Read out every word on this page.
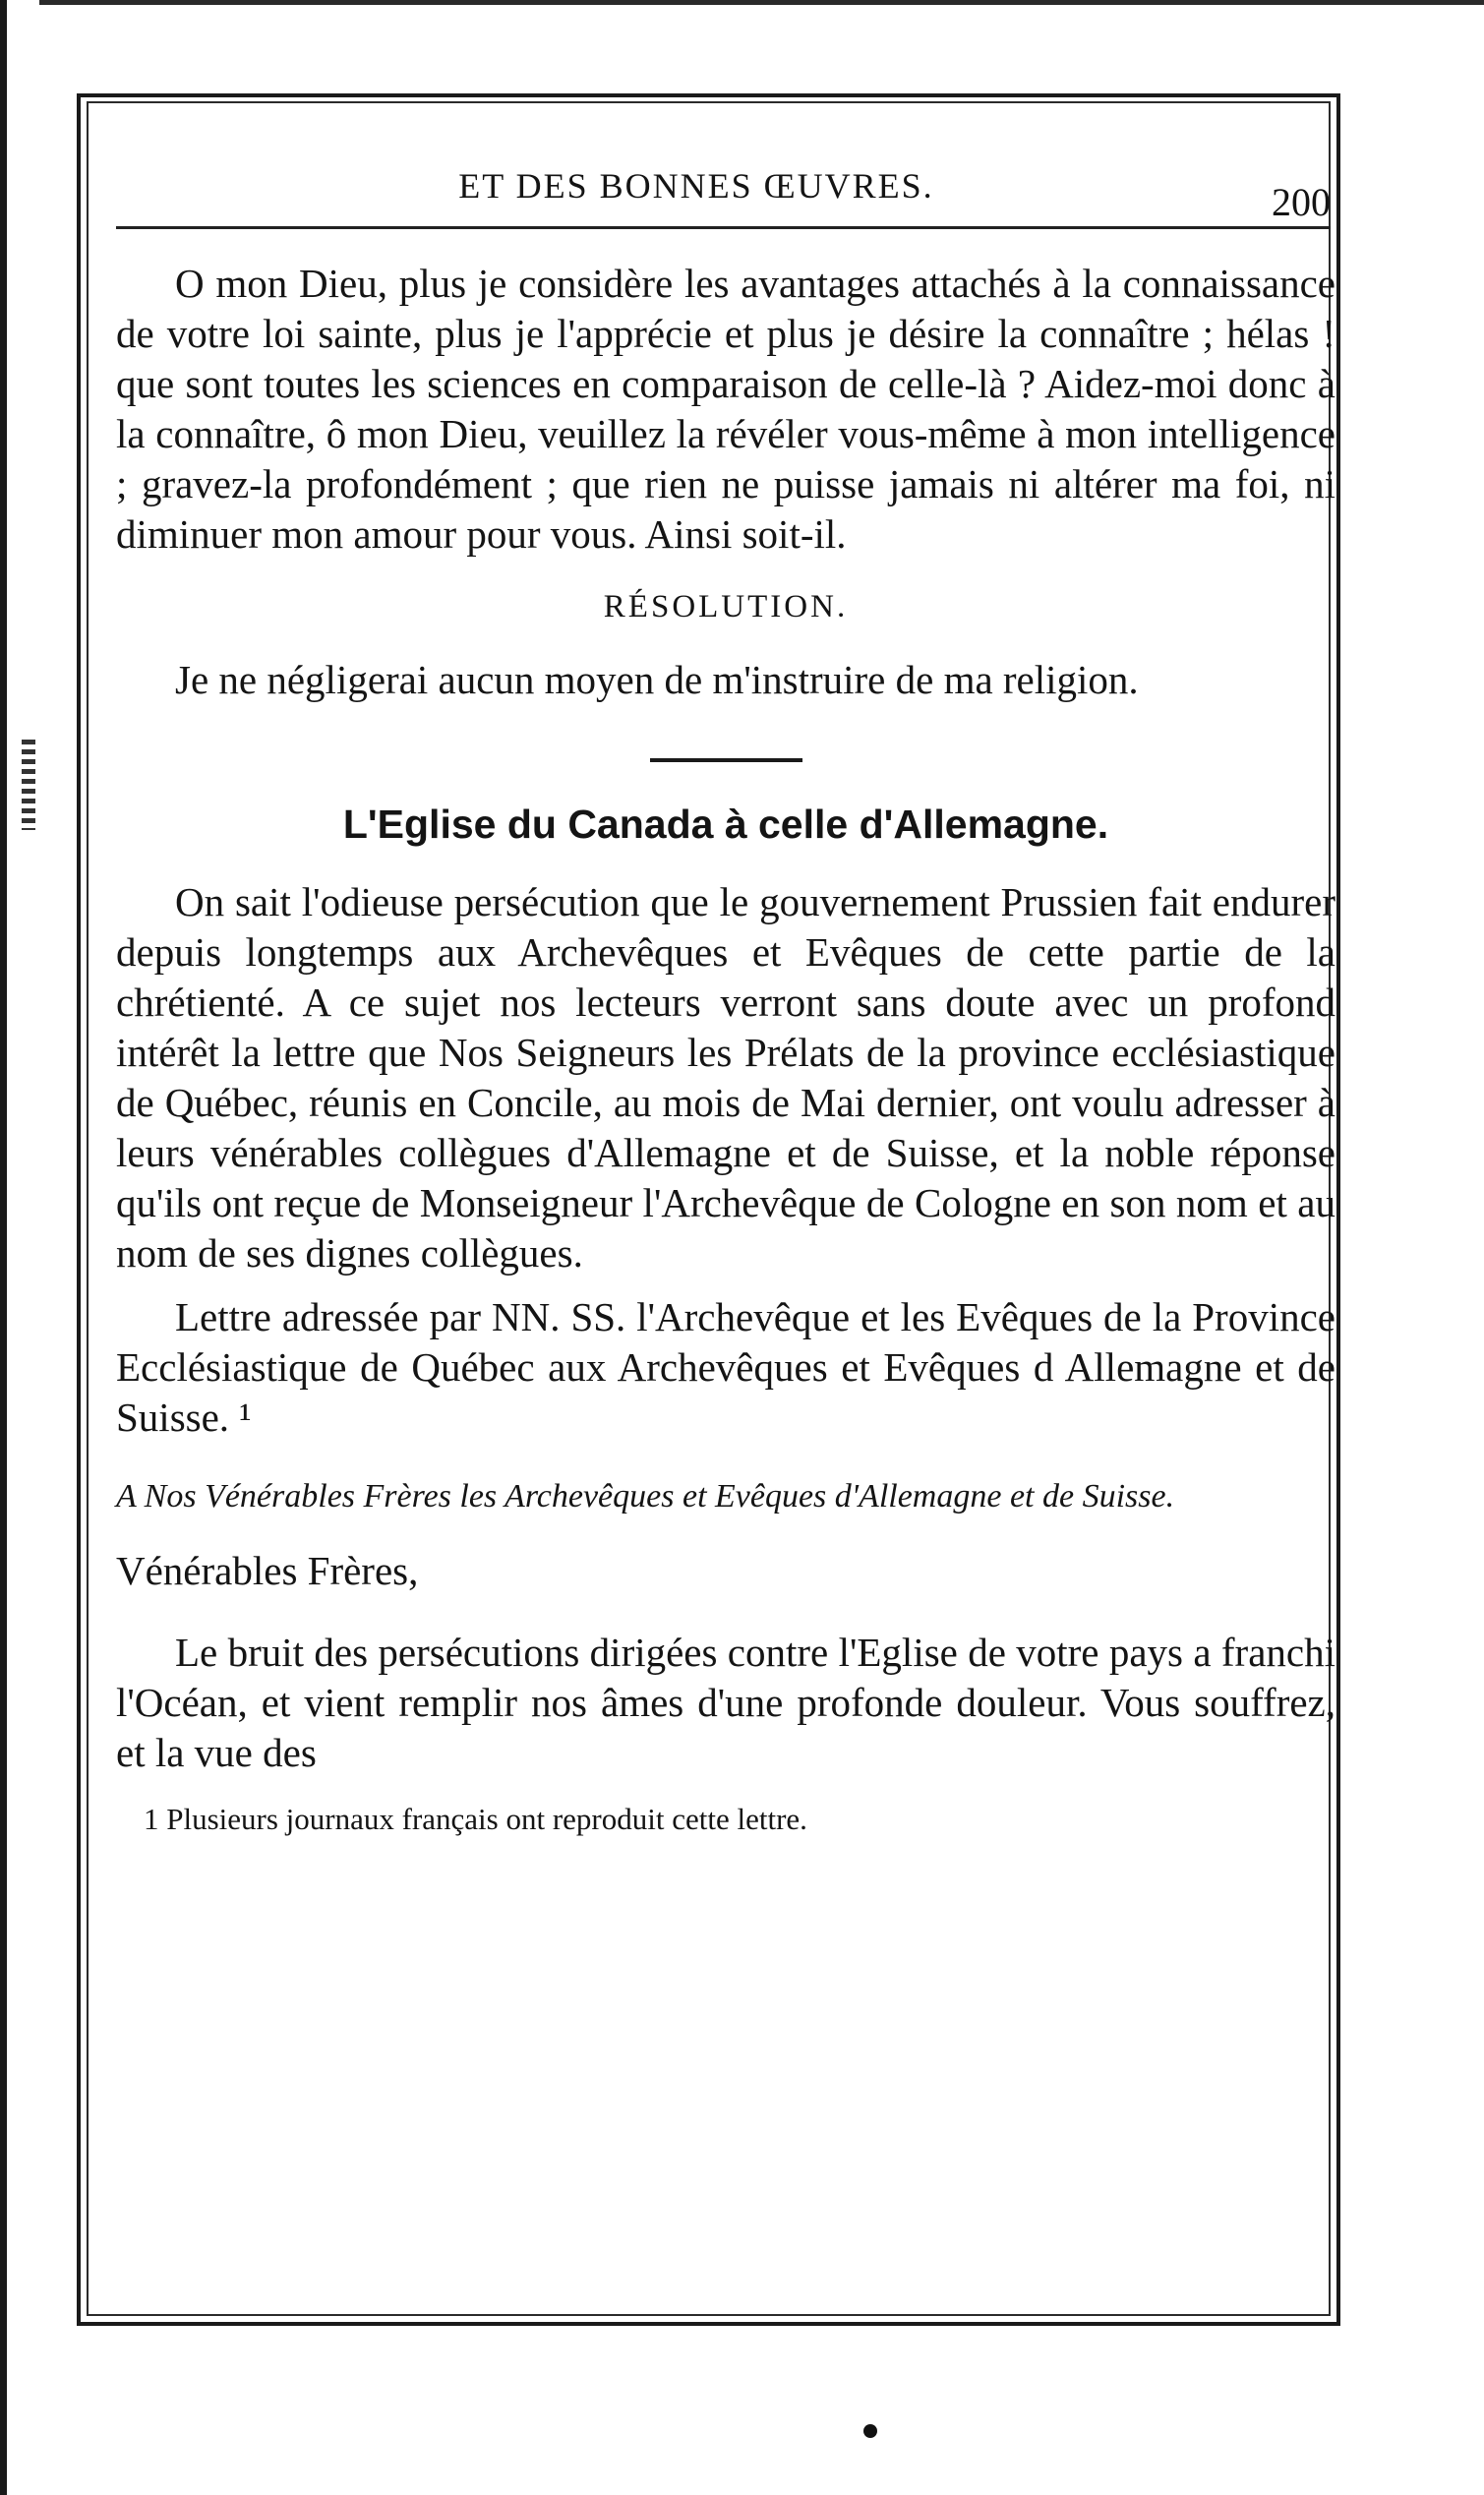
ET DES BONNES ŒUVRES.	200

O mon Dieu, plus je considère les avantages attachés à la connaissance de votre loi sainte, plus je l'apprécie et plus je désire la connaître ; hélas ! que sont toutes les sciences en comparaison de celle-là ? Aidez-moi donc à la connaître, ô mon Dieu, veuillez la révéler vous-même à mon intelligence ; gravez-la profondément ; que rien ne puisse jamais ni altérer ma foi, ni diminuer mon amour pour vous. Ainsi soit-il.

RÉSOLUTION.

Je ne négligerai aucun moyen de m'instruire de ma religion.

L'Eglise du Canada à celle d'Allemagne.

On sait l'odieuse persécution que le gouvernement Prussien fait endurer depuis longtemps aux Archevêques et Evêques de cette partie de la chrétienté. A ce sujet nos lecteurs verront sans doute avec un profond intérêt la lettre que Nos Seigneurs les Prélats de la province ecclésiastique de Québec, réunis en Concile, au mois de Mai dernier, ont voulu adresser à leurs vénérables collègues d'Allemagne et de Suisse, et la noble réponse qu'ils ont reçue de Monseigneur l'Archevêque de Cologne en son nom et au nom de ses dignes collègues.

Lettre adressée par NN. SS. l'Archevêque et les Evêques de la Province Ecclésiastique de Québec aux Archevêques et Evêques d Allemagne et de Suisse. ¹

A Nos Vénérables Frères les Archevêques et Evêques d'Allemagne et de Suisse.
Vénérables Frères,

Le bruit des persécutions dirigées contre l'Eglise de votre pays a franchi l'Océan, et vient remplir nos âmes d'une profonde douleur. Vous souffrez, et la vue des

1 Plusieurs journaux français ont reproduit cette lettre.
